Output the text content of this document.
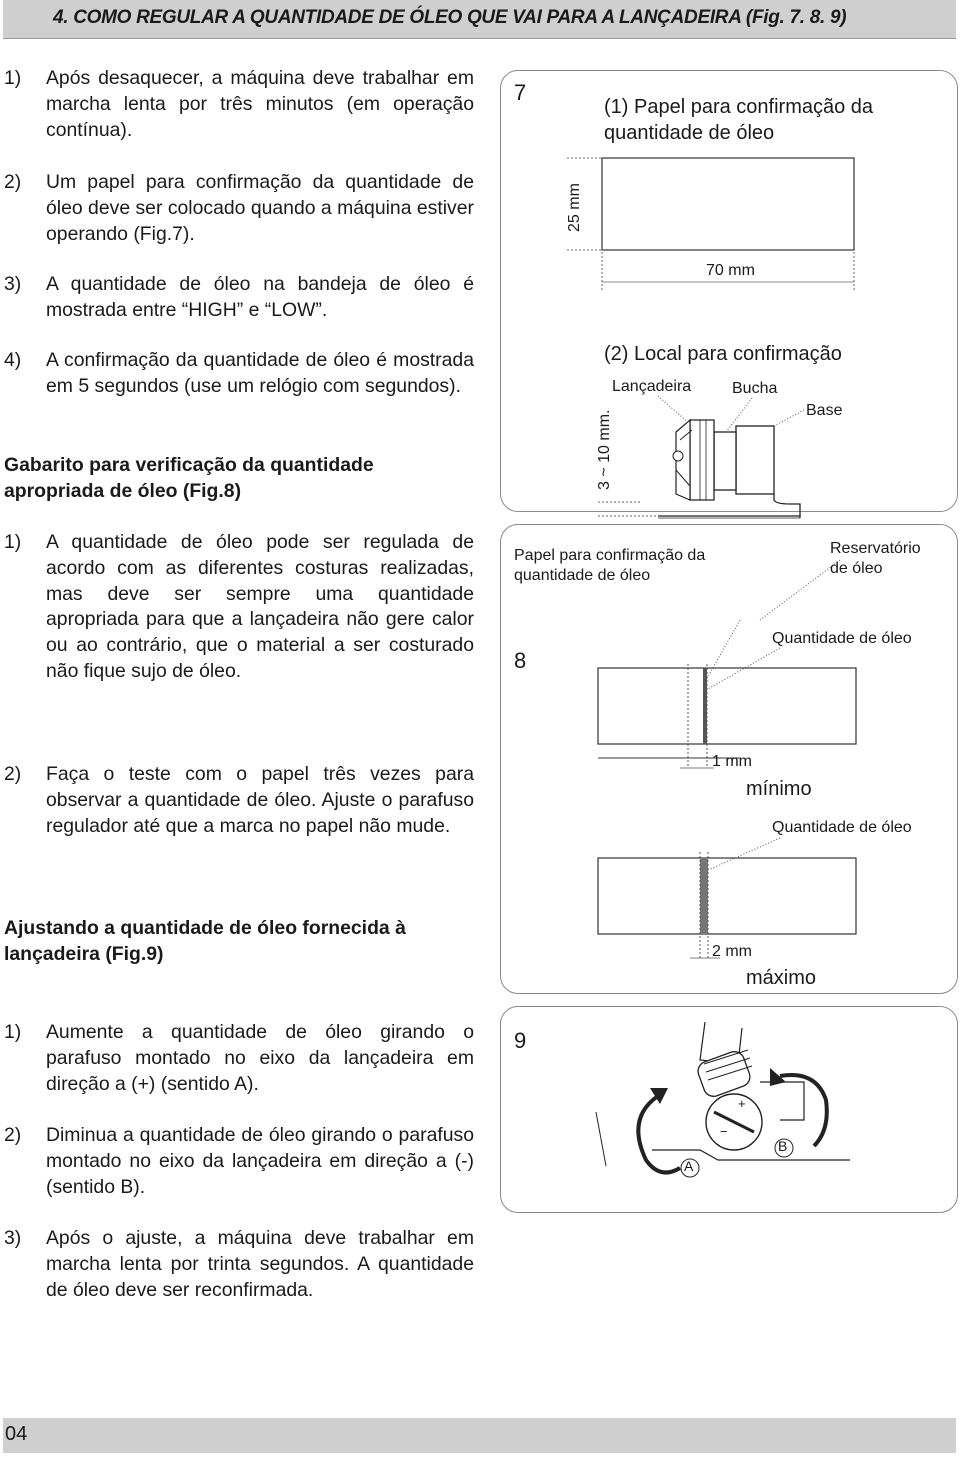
4. COMO REGULAR A QUANTIDADE DE ÓLEO QUE VAI PARA A LANÇADEIRA (Fig. 7. 8. 9)
1) Após desaquecer, a máquina deve trabalhar em marcha lenta por três minutos (em operação contínua).
2) Um papel para confirmação da quantidade de óleo deve ser colocado quando a máquina estiver operando (Fig.7).
3) A quantidade de óleo na bandeja de óleo é mostrada entre “HIGH” e “LOW”.
4) A confirmação da quantidade de óleo é mostrada em 5 segundos (use um relógio com segundos).
Gabarito para verificação da quantidade apropriada de óleo (Fig.8)
1) A quantidade de óleo pode ser regulada de acordo com as diferentes costuras realizadas, mas deve ser sempre uma quantidade apropriada para que a lançadeira não gere calor ou ao contrário, que o material a ser costurado não fique sujo de óleo.
2) Faça o teste com o papel três vezes para observar a quantidade de óleo. Ajuste o parafuso regulador até que a marca no papel não mude.
Ajustando a quantidade de óleo fornecida à lançadeira (Fig.9)
1) Aumente a quantidade de óleo girando o parafuso montado no eixo da lançadeira em direção a (+) (sentido A).
2) Diminua a quantidade de óleo girando o parafuso montado no eixo da lançadeira em direção a (-) (sentido B).
3) Após o ajuste, a máquina deve trabalhar em marcha lenta por trinta segundos. A quantidade de óleo deve ser reconfirmada.
7
(1) Papel para confirmação da quantidade de óleo
25 mm
70 mm
(2) Local para confirmação
Lançadeira	Bucha
Base
3 ~ 10 mm.
Papel para confirmação da quantidade de óleo
Reservatório de óleo
8
Quantidade de óleo
1 mm
mínimo
Quantidade de óleo
2 mm
máximo
9
A
B
+
−
04
